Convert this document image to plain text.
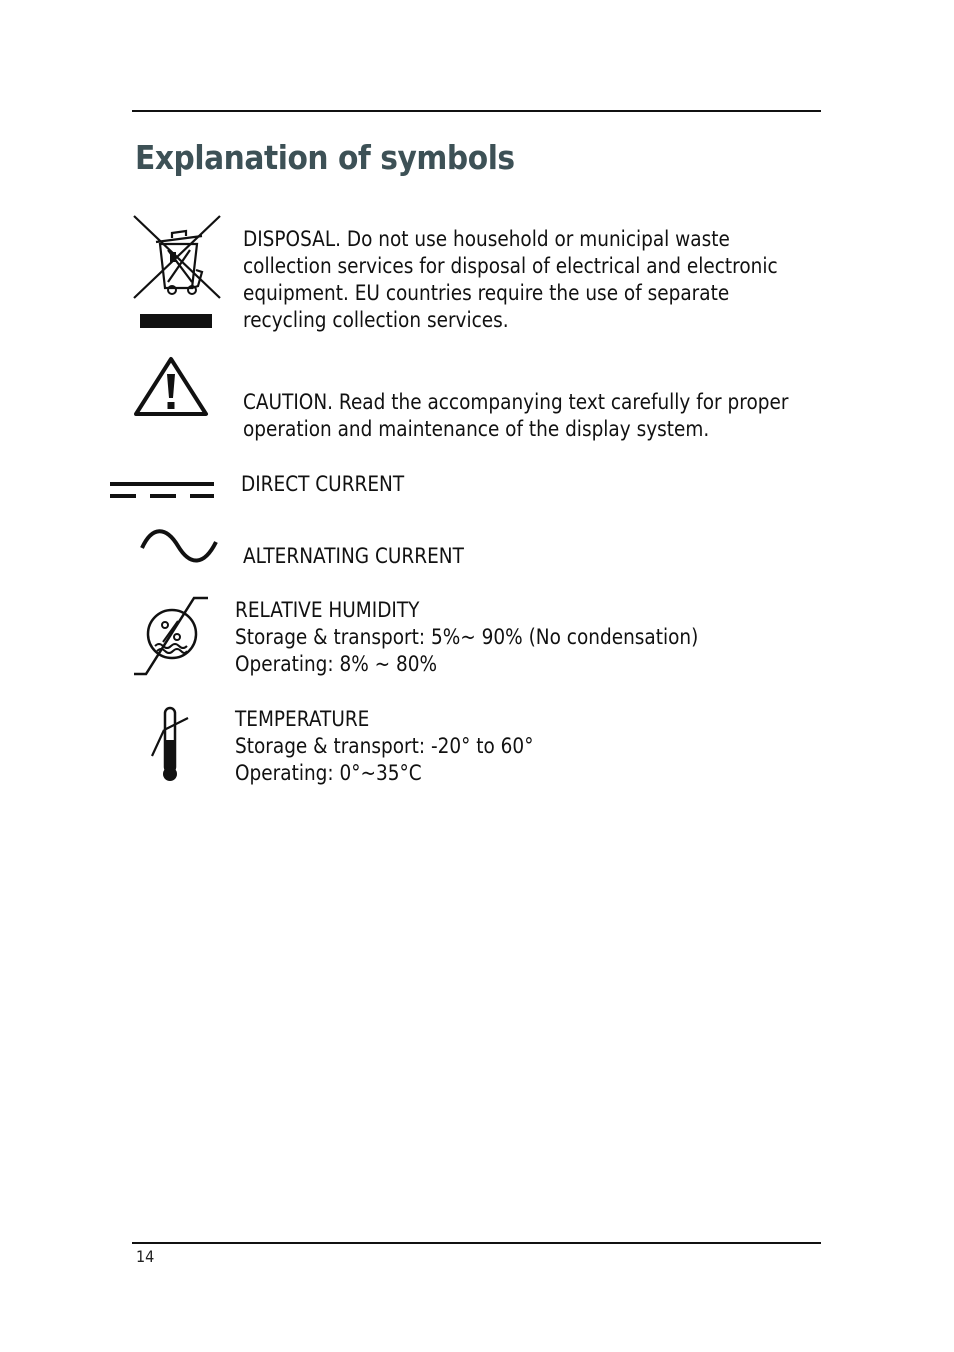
Explanation of symbols
DISPOSAL. Do not use household or municipal waste
collection services for disposal of electrical and electronic
equipment. EU countries require the use of separate
recycling collection services.
CAUTION. Read the accompanying text carefully for proper
operation and maintenance of the display system.
DIRECT CURRENT
ALTERNATING CURRENT
RELATIVE HUMIDITY
Storage & transport: 5%~ 90% (No condensation)
Operating: 8% ~ 80%
TEMPERATURE
Storage & transport: -20° to 60°
Operating: 0°~35°C
14
